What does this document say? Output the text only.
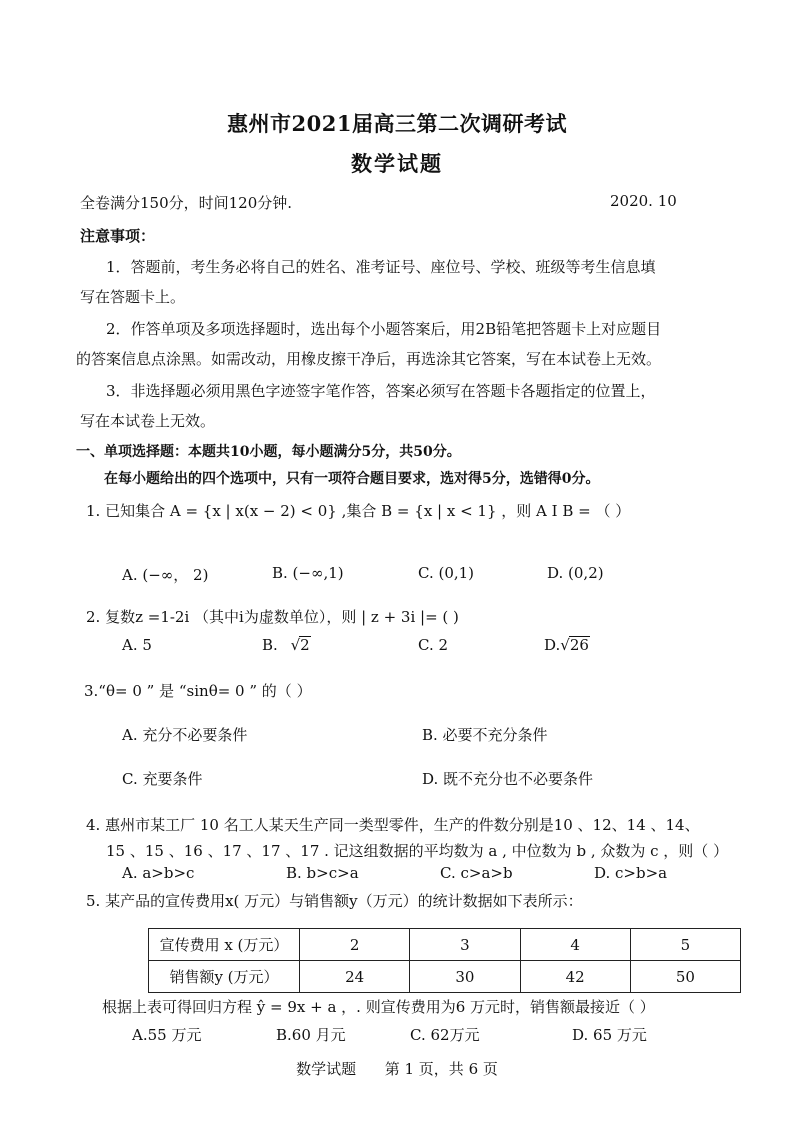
惠州市2021届高三第二次调研考试
数学试题
全卷满分150分，时间120分钟.	2020. 10
注意事项：
1．答题前，考生务必将自己的姓名、准考证号、座位号、学校、班级等考生信息填
写在答题卡上。
2．作答单项及多项选择题时，选出每个小题答案后，用2B铅笔把答题卡上对应题目
的答案信息点涂黑。如需改动，用橡皮擦干净后，再选涂其它答案，写在本试卷上无效。
3．非选择题必须用黑色字迹签字笔作答，答案必须写在答题卡各题指定的位置上，
写在本试卷上无效。
一、单项选择题：本题共10小题，每小题满分5分，共50分。
在每小题给出的四个选项中，只有一项符合题目要求，选对得5分，选错得0分。
1. 已知集合 A = {x | x(x − 2) < 0} ,集合 B = {x | x < 1} ，则 A I B = （ ）
A. (−∞， 2)	B. (−∞,1)	C. (0,1)	D. (0,2)
2. 复数z =1-2i （其中i为虚数单位），则 | z + 3i |= ( )
A. 5	B. √2	C. 2	D.√26
3.“θ= 0 ” 是 “sinθ= 0 ” 的（ ）
A. 充分不必要条件	B. 必要不充分条件
C. 充要条件	D. 既不充分也不必要条件
4. 惠州市某工厂 10 名工人某天生产同一类型零件，生产的件数分别是10 、12、14 、14、
15 、15 、16 、17 、17 、17 . 记这组数据的平均数为 a , 中位数为 b , 众数为 c ，则（ ）
A. a>b>c	B. b>c>a	C. c>a>b	D. c>b>a
5. 某产品的宣传费用x( 万元）与销售额y（万元）的统计数据如下表所示：
宣传费用 x (万元）	2	3	4	5
销售额y (万元）	24	30	42	50
根据上表可得回归方程 ŷ = 9x + a ，. 则宣传费用为6 万元时，销售额最接近（ ）
A.55 万元	B.60 月元	C. 62万元	D. 65 万元
数学试题      第 1 页，共 6 页
